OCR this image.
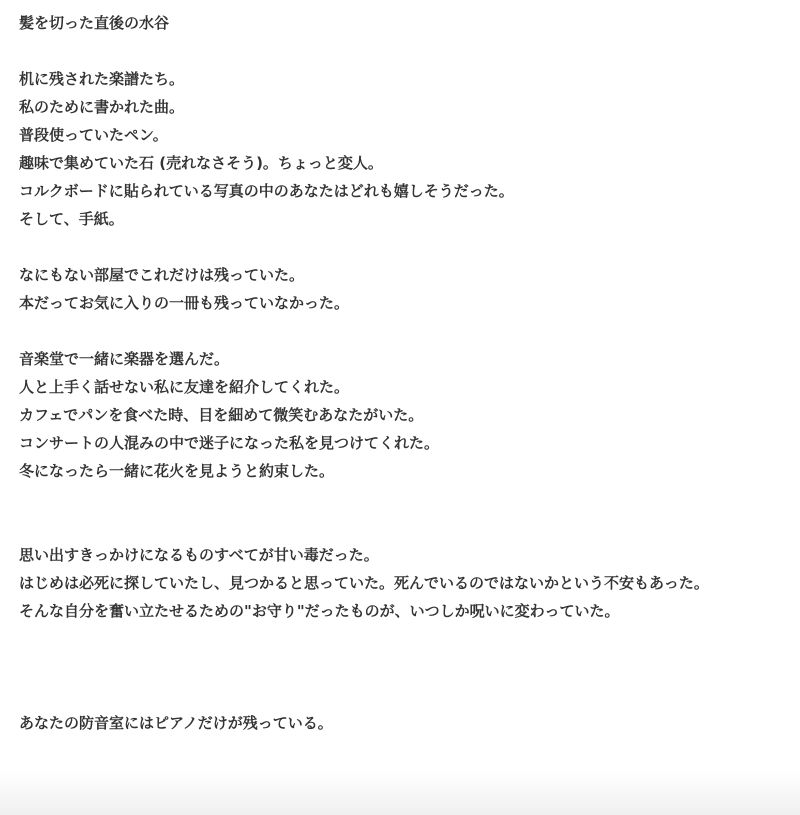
髪を切った直後の水谷
机に残された楽譜たち。
私のために書かれた曲。
普段使っていたペン。
趣味で集めていた石 (売れなさそう)。ちょっと変人。
コルクボードに貼られている写真の中のあなたはどれも嬉しそうだった。
そして、手紙。
なにもない部屋でこれだけは残っていた。
本だってお気に入りの一冊も残っていなかった。
音楽堂で一緒に楽器を選んだ。
人と上手く話せない私に友達を紹介してくれた。
カフェでパンを食べた時、目を細めて微笑むあなたがいた。
コンサートの人混みの中で迷子になった私を見つけてくれた。
冬になったら一緒に花火を見ようと約束した。
思い出すきっかけになるものすべてが甘い毒だった。
はじめは必死に探していたし、見つかると思っていた。死んでいるのではないかという不安もあった。
そんな自分を奮い立たせるための"お守り"だったものが、いつしか呪いに変わっていた。
あなたの防音室にはピアノだけが残っている。
